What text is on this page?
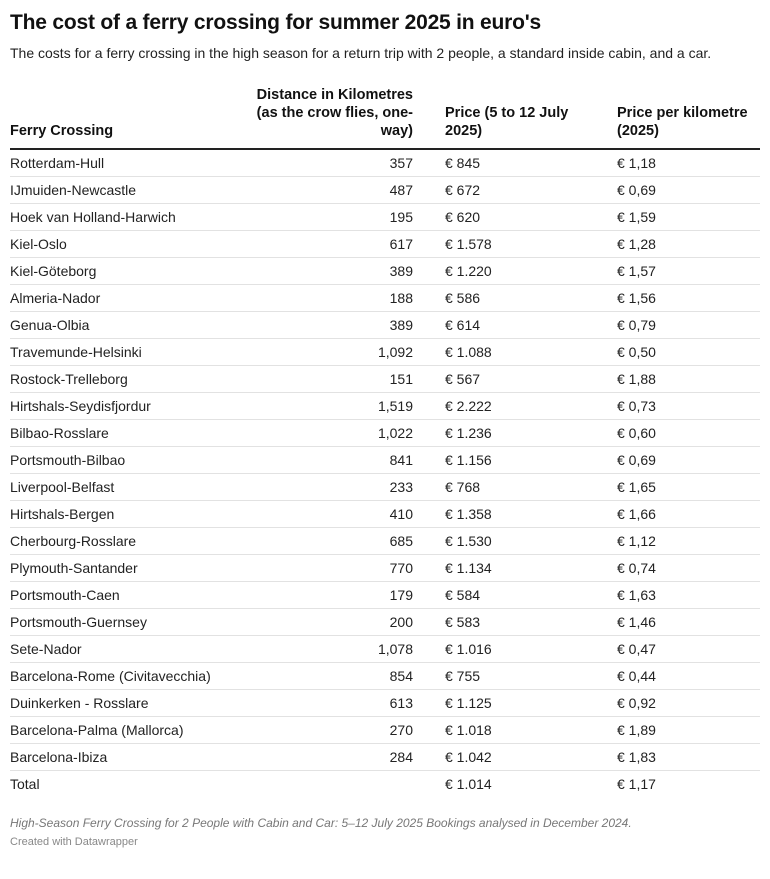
The cost of a ferry crossing for summer 2025 in euro's

The costs for a ferry crossing in the high season for a return trip with 2 people, a standard inside cabin, and a car.

Ferry Crossing	Distance in Kilometres (as the crow flies, one-way)	Price (5 to 12 July 2025)	Price per kilometre (2025)
Rotterdam-Hull	357	€ 845	€ 1,18
IJmuiden-Newcastle	487	€ 672	€ 0,69
Hoek van Holland-Harwich	195	€ 620	€ 1,59
Kiel-Oslo	617	€ 1.578	€ 1,28
Kiel-Göteborg	389	€ 1.220	€ 1,57
Almeria-Nador	188	€ 586	€ 1,56
Genua-Olbia	389	€ 614	€ 0,79
Travemunde-Helsinki	1,092	€ 1.088	€ 0,50
Rostock-Trelleborg	151	€ 567	€ 1,88
Hirtshals-Seydisfjordur	1,519	€ 2.222	€ 0,73
Bilbao-Rosslare	1,022	€ 1.236	€ 0,60
Portsmouth-Bilbao	841	€ 1.156	€ 0,69
Liverpool-Belfast	233	€ 768	€ 1,65
Hirtshals-Bergen	410	€ 1.358	€ 1,66
Cherbourg-Rosslare	685	€ 1.530	€ 1,12
Plymouth-Santander	770	€ 1.134	€ 0,74
Portsmouth-Caen	179	€ 584	€ 1,63
Portsmouth-Guernsey	200	€ 583	€ 1,46
Sete-Nador	1,078	€ 1.016	€ 0,47
Barcelona-Rome (Civitavecchia)	854	€ 755	€ 0,44
Duinkerken - Rosslare	613	€ 1.125	€ 0,92
Barcelona-Palma (Mallorca)	270	€ 1.018	€ 1,89
Barcelona-Ibiza	284	€ 1.042	€ 1,83
Total		€ 1.014	€ 1,17

High-Season Ferry Crossing for 2 People with Cabin and Car: 5–12 July 2025 Bookings analysed in December 2024.

Created with Datawrapper
